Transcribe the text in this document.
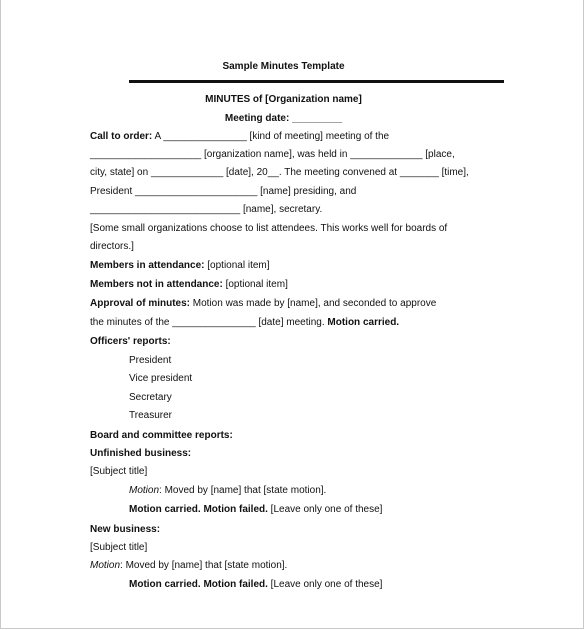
Sample Minutes Template
MINUTES of [Organization name]
Meeting date: _________
Call to order: A _______________ [kind of meeting] meeting of the
____________________ [organization name], was held in _____________ [place,
city, state] on _____________ [date], 20__. The meeting convened at _______ [time],
President ______________________ [name] presiding, and
___________________________ [name], secretary.
[Some small organizations choose to list attendees. This works well for boards of
directors.]
Members in attendance: [optional item]
Members not in attendance: [optional item]
Approval of minutes: Motion was made by [name], and seconded to approve
the minutes of the _______________ [date] meeting. Motion carried.
Officers' reports:
President
Vice president
Secretary
Treasurer
Board and committee reports:
Unfinished business:
[Subject title]
Motion: Moved by [name] that [state motion].
Motion carried. Motion failed. [Leave only one of these]
New business:
[Subject title]
Motion: Moved by [name] that [state motion].
Motion carried. Motion failed. [Leave only one of these]
